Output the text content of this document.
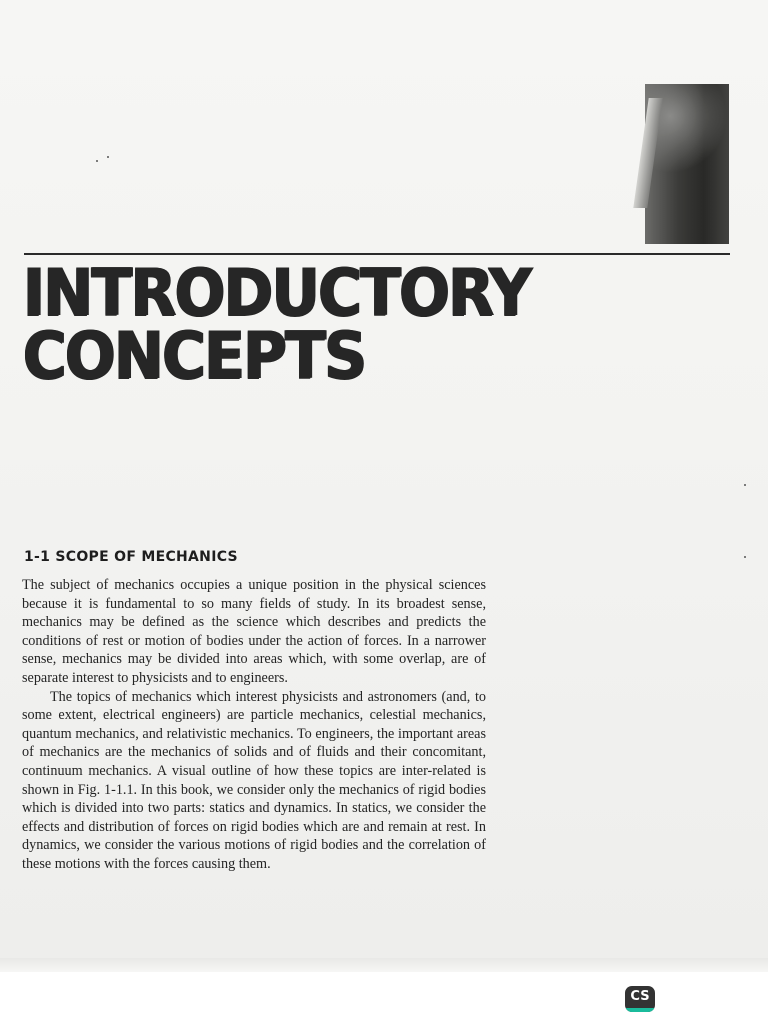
INTRODUCTORY
CONCEPTS
1-1 SCOPE OF MECHANICS

The subject of mechanics occupies a unique position in the physical sciences because it is fundamental to so many fields of study. In its broadest sense, mechanics may be defined as the science which describes and predicts the conditions of rest or motion of bodies under the action of forces. In a narrower sense, mechanics may be divided into areas which, with some overlap, are of separate interest to physicists and to engineers.

The topics of mechanics which interest physicists and astronomers (and, to some extent, electrical engineers) are particle mechanics, celestial mechanics, quantum mechanics, and relativistic mechanics. To engineers, the important areas of mechanics are the mechanics of solids and of fluids and their concomitant, continuum mechanics. A visual outline of how these topics are inter-related is shown in Fig. 1-1.1. In this book, we consider only the mechanics of rigid bodies which is divided into two parts: statics and dynamics. In statics, we consider the effects and distribution of forces on rigid bodies which are and remain at rest. In dynamics, we consider the various motions of rigid bodies and the correlation of these motions with the forces causing them.

CS
